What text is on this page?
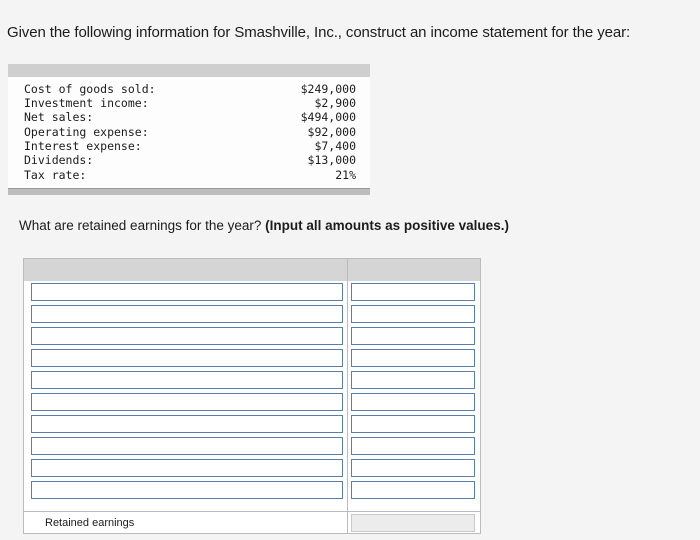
Given the following information for Smashville, Inc., construct an income statement for the year:
Cost of goods sold:	$249,000
Investment income:	$2,900
Net sales:	$494,000
Operating expense:	$92,000
Interest expense:	$7,400
Dividends:	$13,000
Tax rate:	21%
What are retained earnings for the year? (Input all amounts as positive values.)
Retained earnings
